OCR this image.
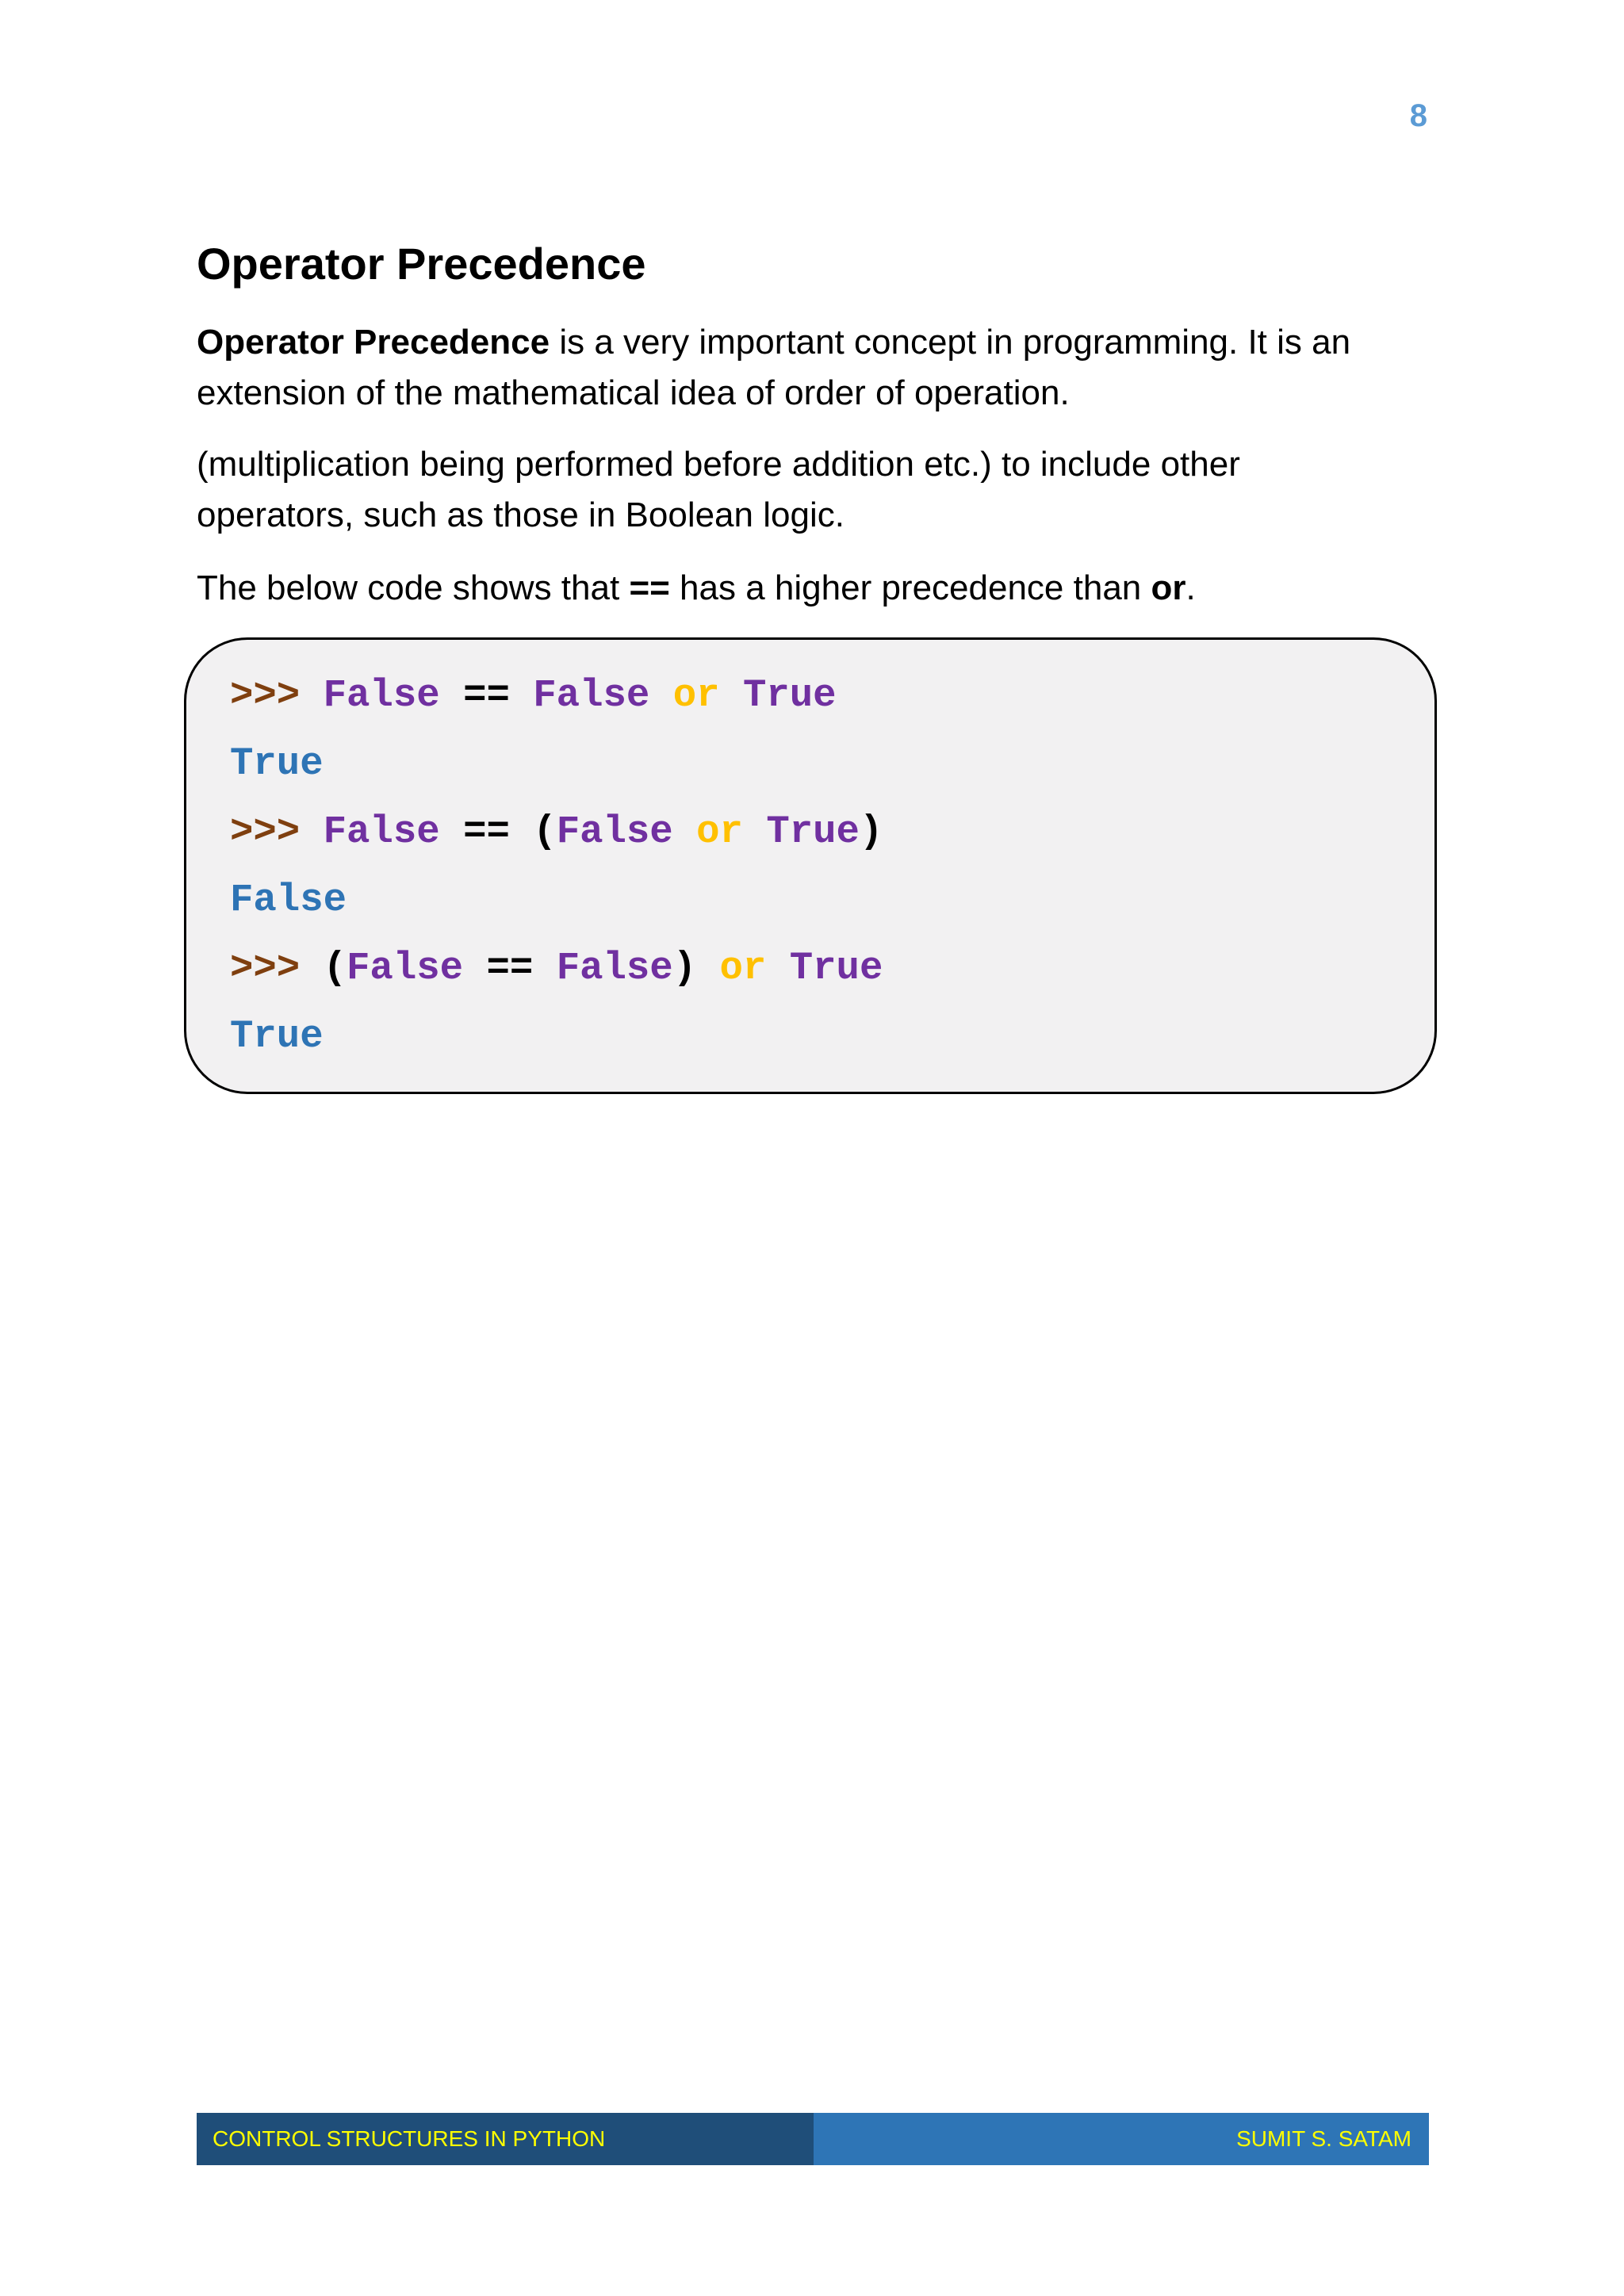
8
Operator Precedence
Operator Precedence is a very important concept in programming. It is an
extension of the mathematical idea of order of operation.
(multiplication being performed before addition etc.) to include other
operators, such as those in Boolean logic.
The below code shows that == has a higher precedence than or.
>>> False == False or True
True
>>> False == (False or True)
False
>>> (False == False) or True
True
CONTROL STRUCTURES IN PYTHON	SUMIT S. SATAM
